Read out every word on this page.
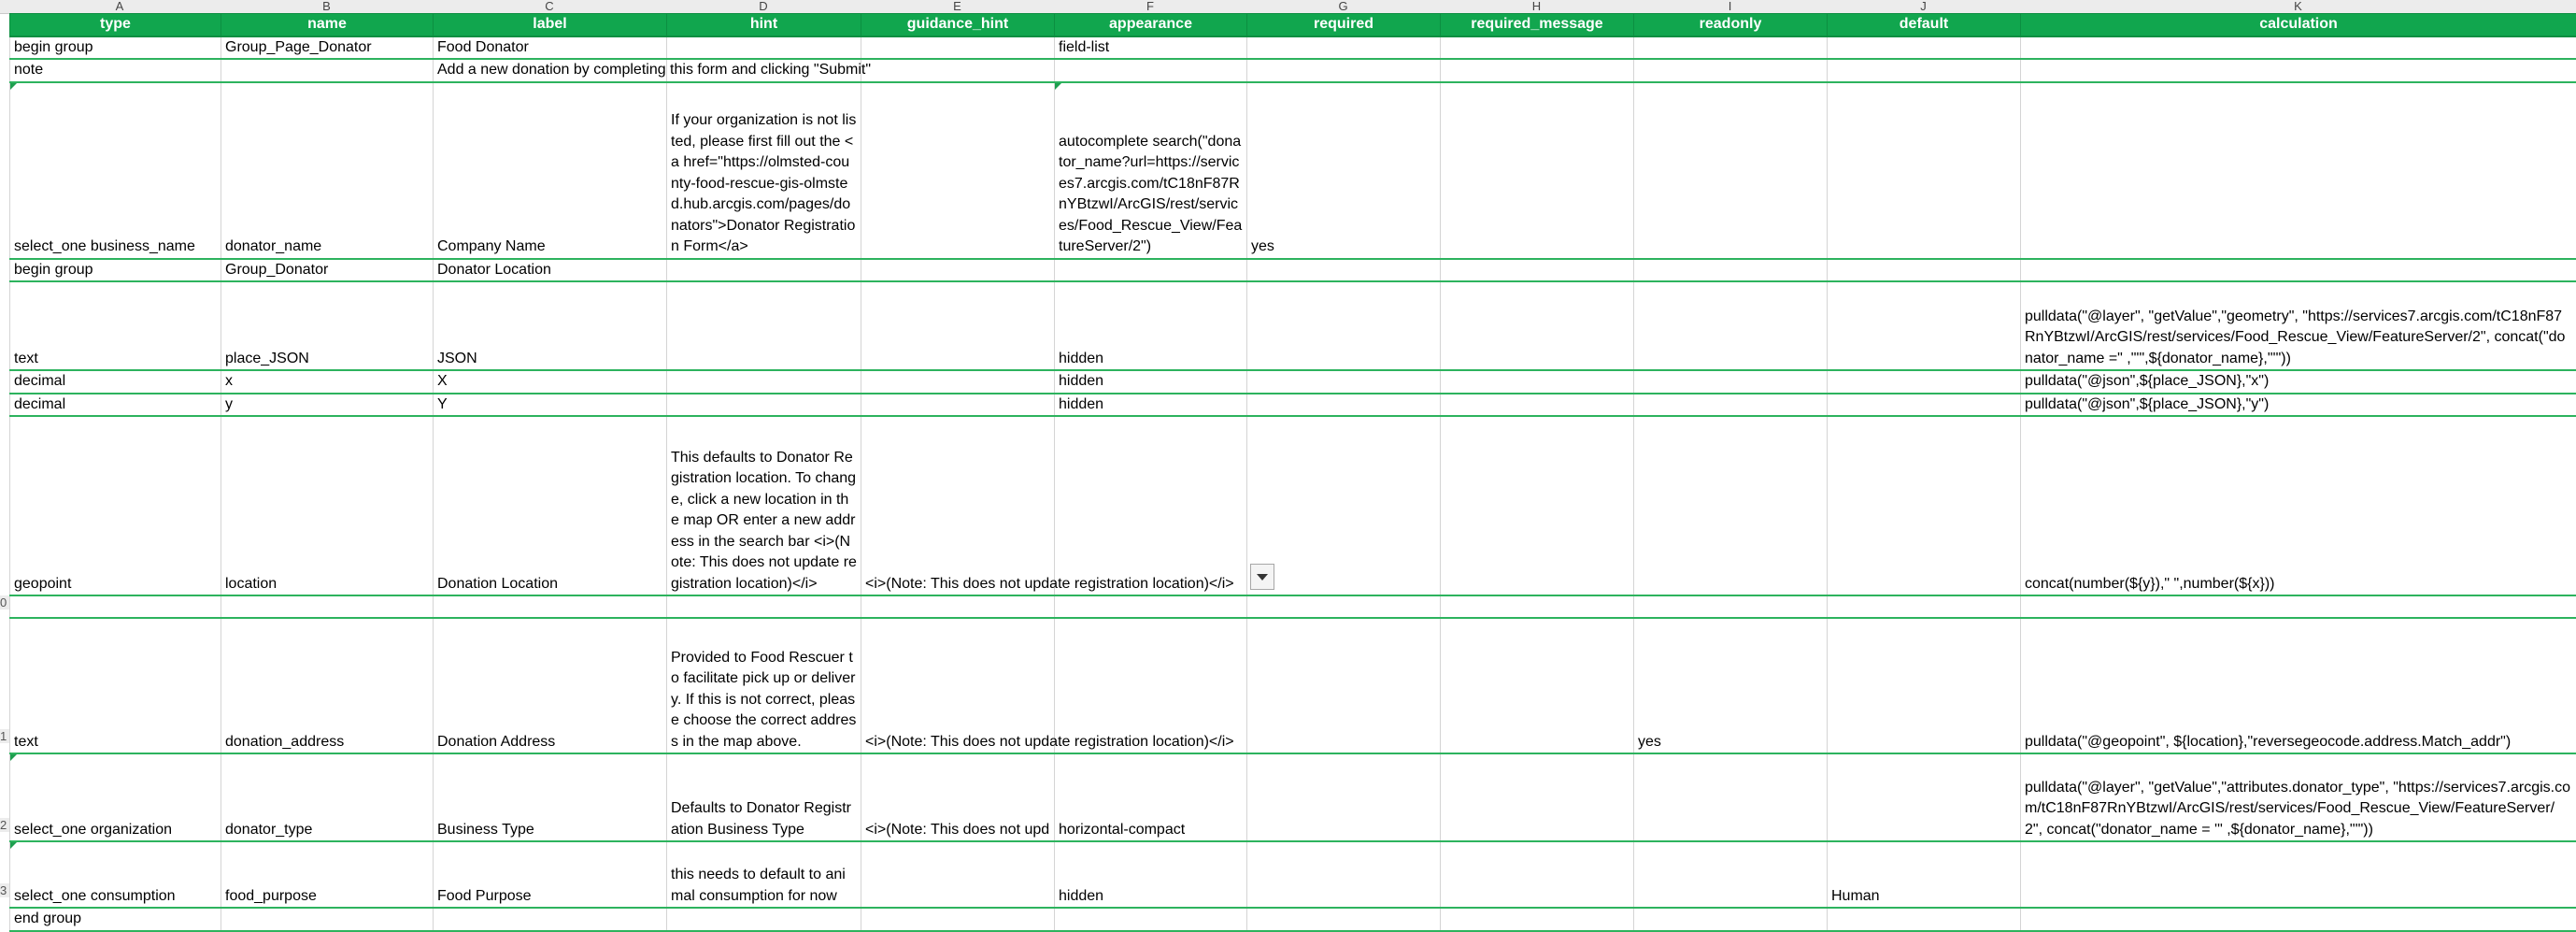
A	B	C	D	E	F	G	H	I	J	K
0
1
2
3
type	name	label	hint	guidance_hint	appearance	required	required_message	readonly	default	calculation
begin group	Group_Page_Donator	Food Donator			field-list					
note		Add a new donation by completing this form and clicking "Submit"								

select_one business_name	donator_name	Company Name	If your organization is not listed, please first fill out the <a href="https://olmsted-county-food-rescue-gis-olmsted.hub.arcgis.com/pages/donators">Donator Registration Form</a>		autocomplete search("donator_name?url=https://services7.arcgis.com/tC18nF87RnYBtzwI/ArcGIS/rest/services/Food_Rescue_View/FeatureServer/2")	yes				
begin group	Group_Donator	Donator Location								
text	place_JSON	JSON			hidden					pulldata("@layer", "getValue","geometry", "https://services7.arcgis.com/tC18nF87RnYBtzwI/ArcGIS/rest/services/Food_Rescue_View/FeatureServer/2", concat("donator_name =" ,"'",${donator_name},"'"))
decimal	x	X			hidden					pulldata("@json",${place_JSON},"x")
decimal	y	Y			hidden					pulldata("@json",${place_JSON},"y")
geopoint	location	Donation Location	This defaults to Donator Registration location. To change, click a new location in the map OR enter a new address in the search bar <i>(Note: This does not update registration location)</i>	<i>(Note: This does not update registration location)</i>						concat(number(${y})," ",number(${x}))

text	donation_address	Donation Address	Provided to Food Rescuer to facilitate pick up or delivery. If this is not correct, please choose the correct address in the map above.	<i>(Note: This does not update registration location)</i>				yes		pulldata("@geopoint", ${location},"reversegeocode.address.Match_addr")

select_one organization	donator_type	Business Type	Defaults to Donator Registration Business Type	<i>(Note: This does not upd	horizontal-compact					pulldata("@layer", "getValue","attributes.donator_type", "https://services7.arcgis.com/tC18nF87RnYBtzwI/ArcGIS/rest/services/Food_Rescue_View/FeatureServer/2", concat("donator_name = '" ,${donator_name},"'"))

select_one consumption	food_purpose	Food Purpose	this needs to default to animal consumption for now		hidden				Human	
end group										
